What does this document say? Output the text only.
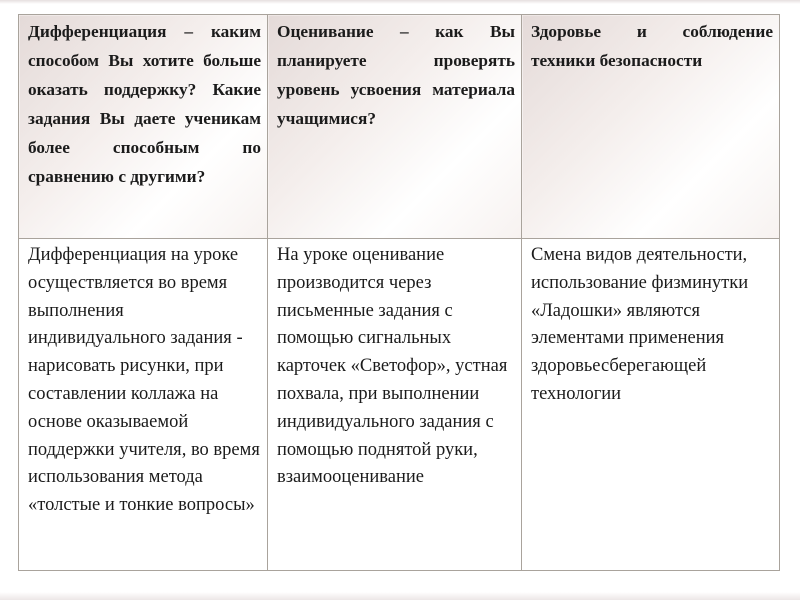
Дифференциация – каким способом Вы хотите больше оказать поддержку? Какие задания Вы даете ученикам более способным по сравнению с другими?	Оценивание – как Вы планируете проверять уровень усвоения материала учащимися?	Здоровье и соблюдение техники безопасности

Дифференциация на уроке осуществляется во время выполнения индивидуального задания - нарисовать рисунки, при составлении коллажа на основе оказываемой поддержки учителя, во время использования метода «толстые и тонкие вопросы»	На уроке оценивание производится через письменные задания с помощью сигнальных карточек «Светофор», устная похвала, при выполнении индивидуального задания с помощью поднятой руки, взаимооценивание	Смена видов деятельности, использование физминутки «Ладошки» являются элементами применения здоровьесберегающей технологии
